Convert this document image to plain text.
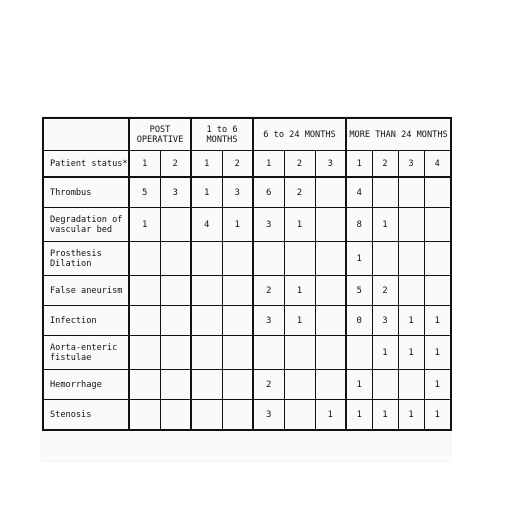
	POST OPERATIVE		1 to 6 MONTHS		6 to 24 MONTHS			MORE THAN 24 MONTHS			
Patient status*	1	2	1	2	1	2	3	1	2	3	4
Thrombus	5	3	1	3	6	2		4			
Degradation of vascular bed	1		4	1	3	1		8	1		
Prosthesis Dilation								1			
False aneurism					2	1		5	2		
Infection					3	1		0	3	1	1
Aorta-enteric fistulae									1	1	1
Hemorrhage					2			1			1
Stenosis					3		1	1	1	1	1
